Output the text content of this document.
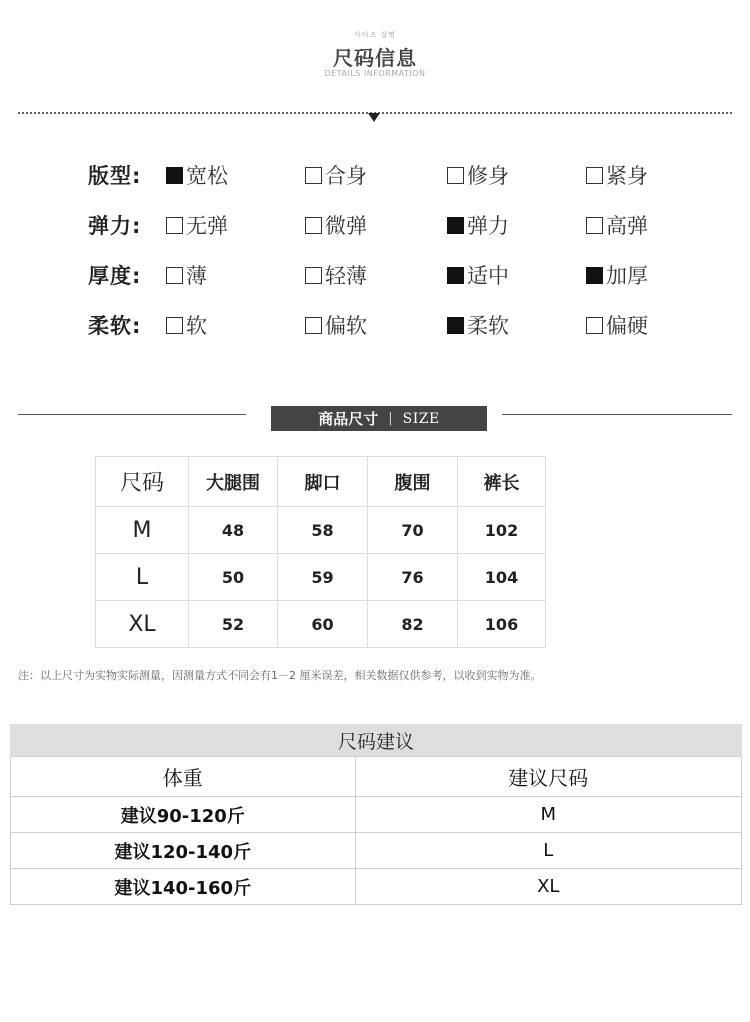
사이즈 설명
尺码信息
DETAILS INFORMATION
版型: 宽松	合身	修身	紧身
弹力: 无弹	微弹	弹力	高弹
厚度: 薄	轻薄	适中	加厚
柔软: 软	偏软	柔软	偏硬
商品尺寸 | SIZE
尺码	大腿围	脚口	腹围	裤长
M	48	58	70	102
L	50	59	76	104
XL	52	60	82	106
注：以上尺寸为实物实际测量，因测量方式不同会有1－2 厘米误差，相关数据仅供参考，以收到实物为准。
尺码建议
体重	建议尺码
建议90-120斤	M
建议120-140斤	L
建议140-160斤	XL
